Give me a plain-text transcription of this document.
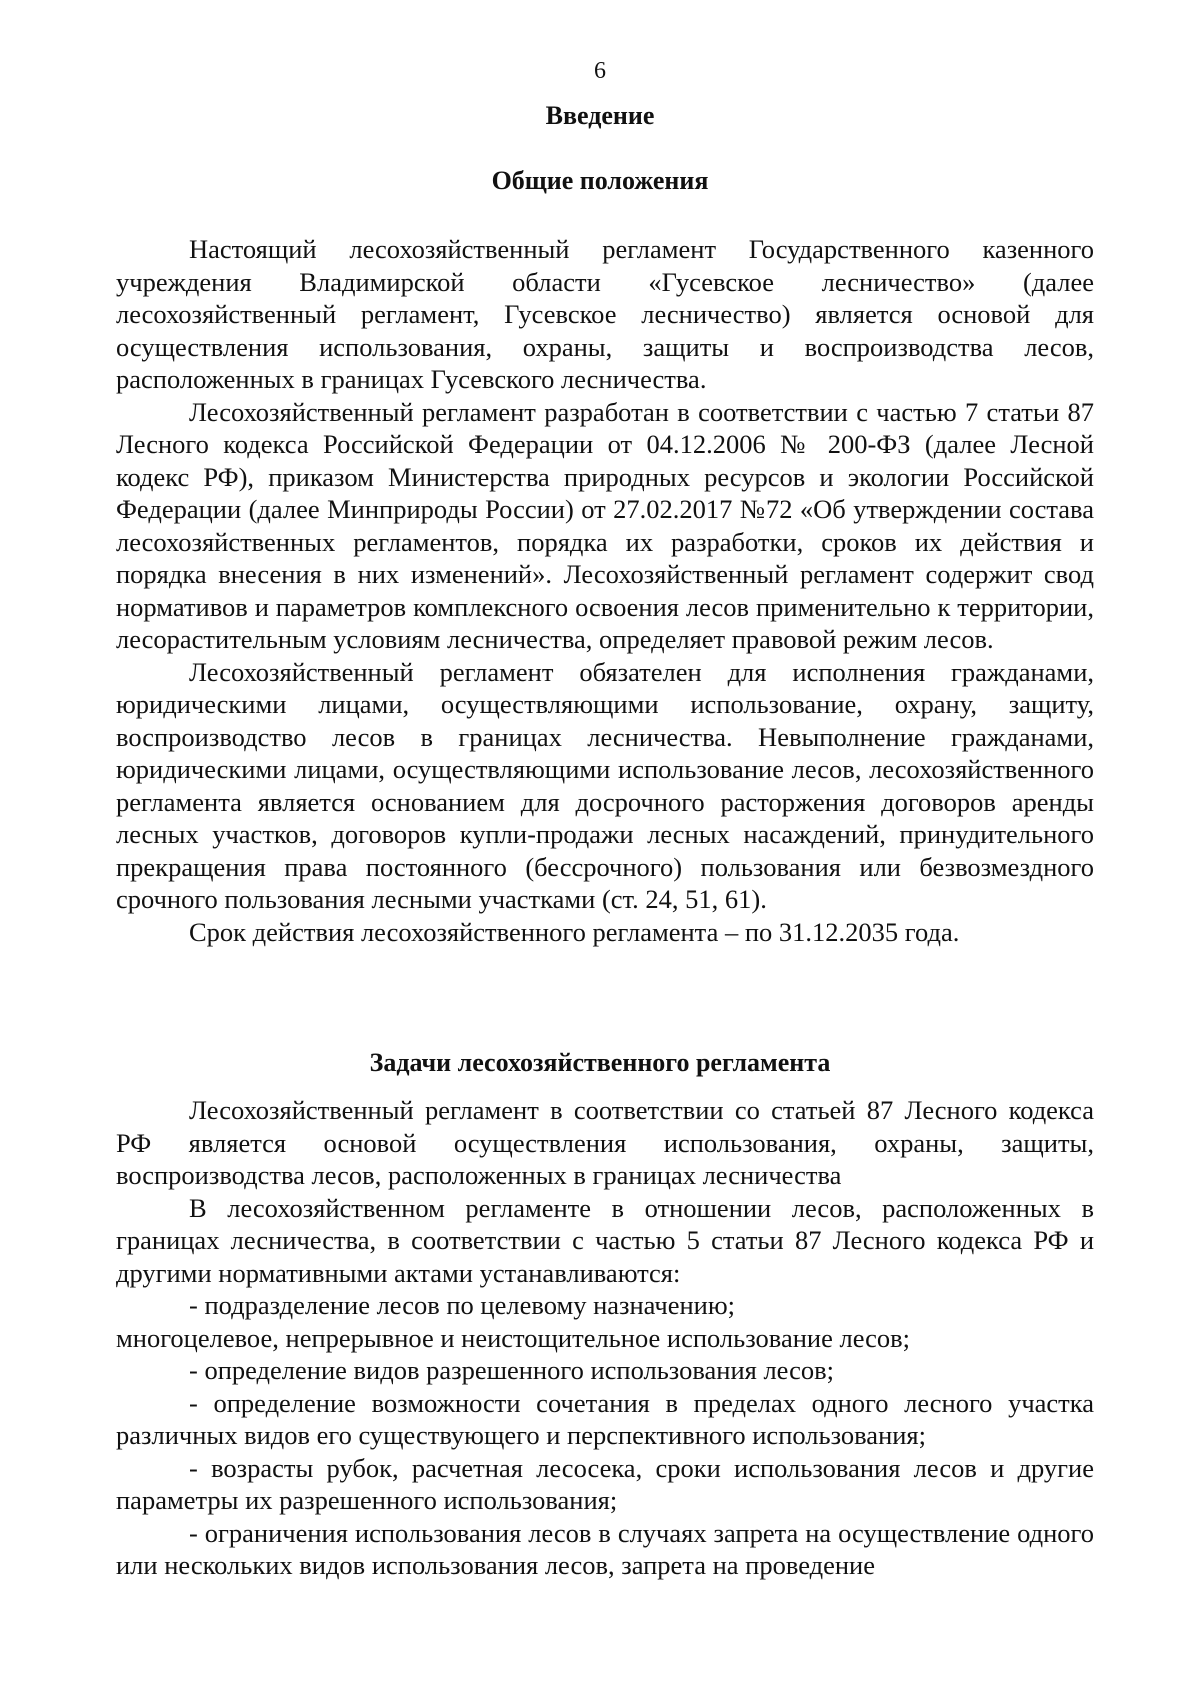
6
Введение
Общие положения

Настоящий лесохозяйственный регламент Государственного казенного учреждения Владимирской области «Гусевское лесничество» (далее лесохозяйственный регламент, Гусевское лесничество) является основой для осуществления использования, охраны, защиты и воспроизводства лесов, расположенных в границах Гусевского лесничества.

Лесохозяйственный регламент разработан в соответствии с частью 7 статьи 87 Лесного кодекса Российской Федерации от 04.12.2006 № 200-ФЗ (далее Лесной кодекс РФ), приказом Министерства природных ресурсов и экологии Российской Федерации (далее Минприроды России) от 27.02.2017 №72 «Об утверждении состава лесохозяйственных регламентов, порядка их разработки, сроков их действия и порядка внесения в них изменений». Лесохозяйственный регламент содержит свод нормативов и параметров комплексного освоения лесов применительно к территории, лесорастительным условиям лесничества, определяет правовой режим лесов.

Лесохозяйственный регламент обязателен для исполнения гражданами, юридическими лицами, осуществляющими использование, охрану, защиту, воспроизводство лесов в границах лесничества. Невыполнение гражданами, юридическими лицами, осуществляющими использование лесов, лесохозяйственного регламента является основанием для досрочного расторжения договоров аренды лесных участков, договоров купли-продажи лесных насаждений, принудительного прекращения права постоянного (бессрочного) пользования или безвозмездного срочного пользования лесными участками (ст. 24, 51, 61).

Срок действия лесохозяйственного регламента – по 31.12.2035 года.

Задачи лесохозяйственного регламента

Лесохозяйственный регламент в соответствии со статьей 87 Лесного кодекса РФ является основой осуществления использования, охраны, защиты, воспроизводства лесов, расположенных в границах лесничества

В лесохозяйственном регламенте в отношении лесов, расположенных в границах лесничества, в соответствии с частью 5 статьи 87 Лесного кодекса РФ и другими нормативными актами устанавливаются:

- подразделение лесов по целевому назначению;

многоцелевое, непрерывное и неистощительное использование лесов;

- определение видов разрешенного использования лесов;

- определение возможности сочетания в пределах одного лесного участка различных видов его существующего и перспективного использования;

- возрасты рубок, расчетная лесосека, сроки использования лесов и другие параметры их разрешенного использования;

- ограничения использования лесов в случаях запрета на осуществление одного или нескольких видов использования лесов, запрета на проведение
